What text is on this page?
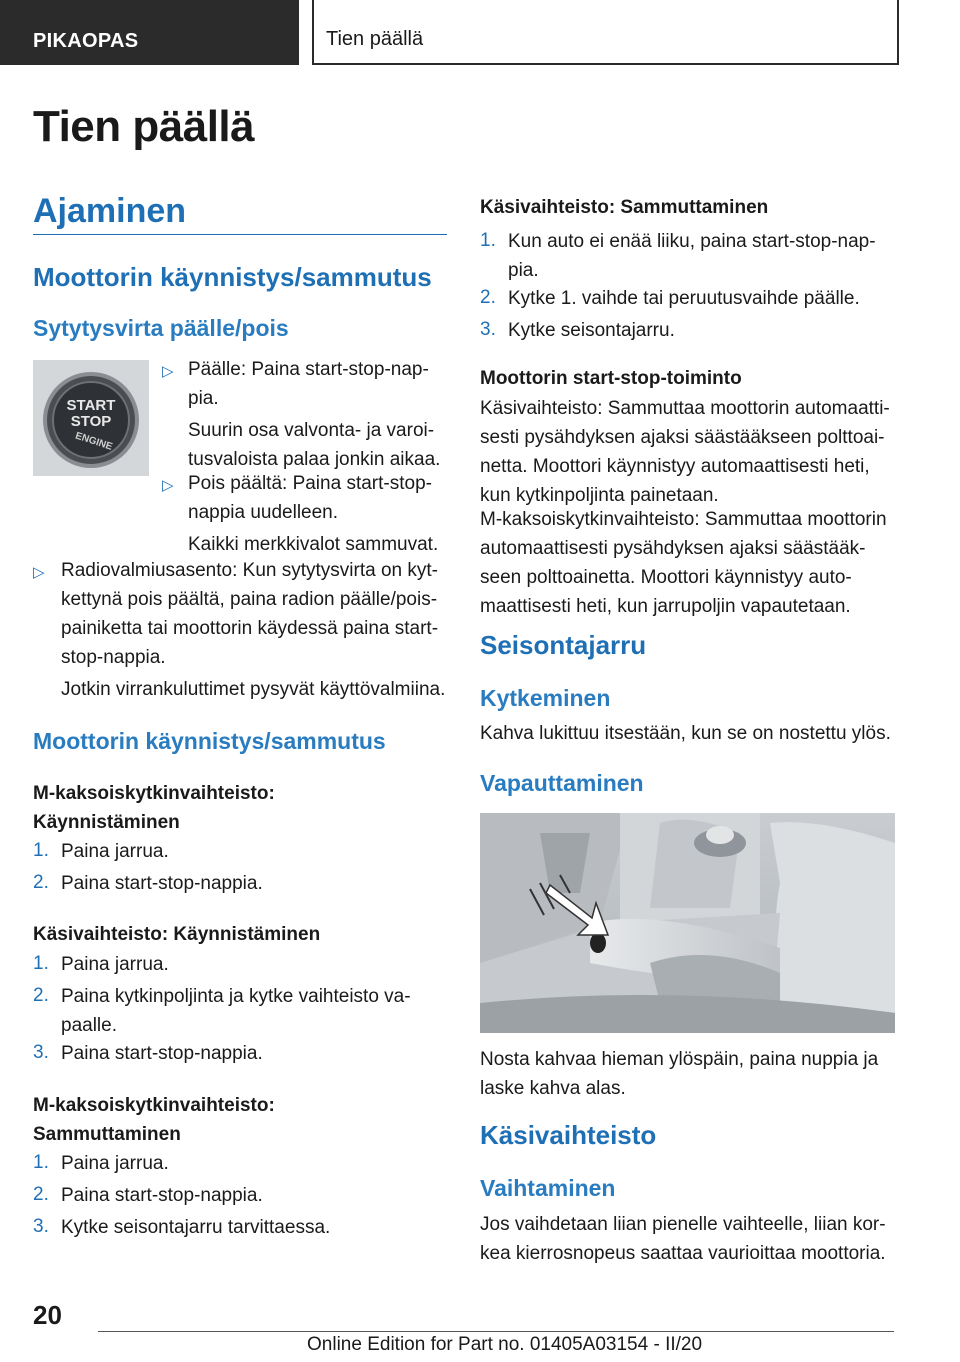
PIKAOPAS	Tien päällä
Tien päällä
Ajaminen
Moottorin käynnistys/sammutus
Sytytysvirta päälle/pois
START
STOP
ENGINE
▷ Päälle: Paina start-stop-nap-
pia.
Suurin osa valvonta- ja varoi-
tusvaloista palaa jonkin aikaa.
▷ Pois päältä: Paina start-stop-
nappia uudelleen.
Kaikki merkkivalot sammuvat.
▷ Radiovalmiusasento: Kun sytytysvirta on kyt-
kettynä pois päältä, paina radion päälle/pois-
painiketta tai moottorin käydessä paina start-
stop-nappia.
Jotkin virrankuluttimet pysyvät käyttövalmiina.
Moottorin käynnistys/sammutus
M-kaksoiskytkinvaihteisto:
Käynnistäminen
1. Paina jarrua.
2. Paina start-stop-nappia.
Käsivaihteisto: Käynnistäminen
1. Paina jarrua.
2. Paina kytkinpoljinta ja kytke vaihteisto va-
paalle.
3. Paina start-stop-nappia.
M-kaksoiskytkinvaihteisto:
Sammuttaminen
1. Paina jarrua.
2. Paina start-stop-nappia.
3. Kytke seisontajarru tarvittaessa.
Käsivaihteisto: Sammuttaminen
1. Kun auto ei enää liiku, paina start-stop-nap-
pia.
2. Kytke 1. vaihde tai peruutusvaihde päälle.
3. Kytke seisontajarru.
Moottorin start-stop-toiminto
Käsivaihteisto: Sammuttaa moottorin automaatti-
sesti pysähdyksen ajaksi säästääkseen polttoai-
netta. Moottori käynnistyy automaattisesti heti,
kun kytkinpoljinta painetaan.
M-kaksoiskytkinvaihteisto: Sammuttaa moottorin
automaattisesti pysähdyksen ajaksi säästääk-
seen polttoainetta. Moottori käynnistyy auto-
maattisesti heti, kun jarrupoljin vapautetaan.
Seisontajarru
Kytkeminen
Kahva lukittuu itsestään, kun se on nostettu ylös.
Vapauttaminen
Nosta kahvaa hieman ylöspäin, paina nuppia ja
laske kahva alas.
Käsivaihteisto
Vaihtaminen
Jos vaihdetaan liian pienelle vaihteelle, liian kor-
kea kierrosnopeus saattaa vaurioittaa moottoria.
20
Online Edition for Part no. 01405A03154 - II/20
